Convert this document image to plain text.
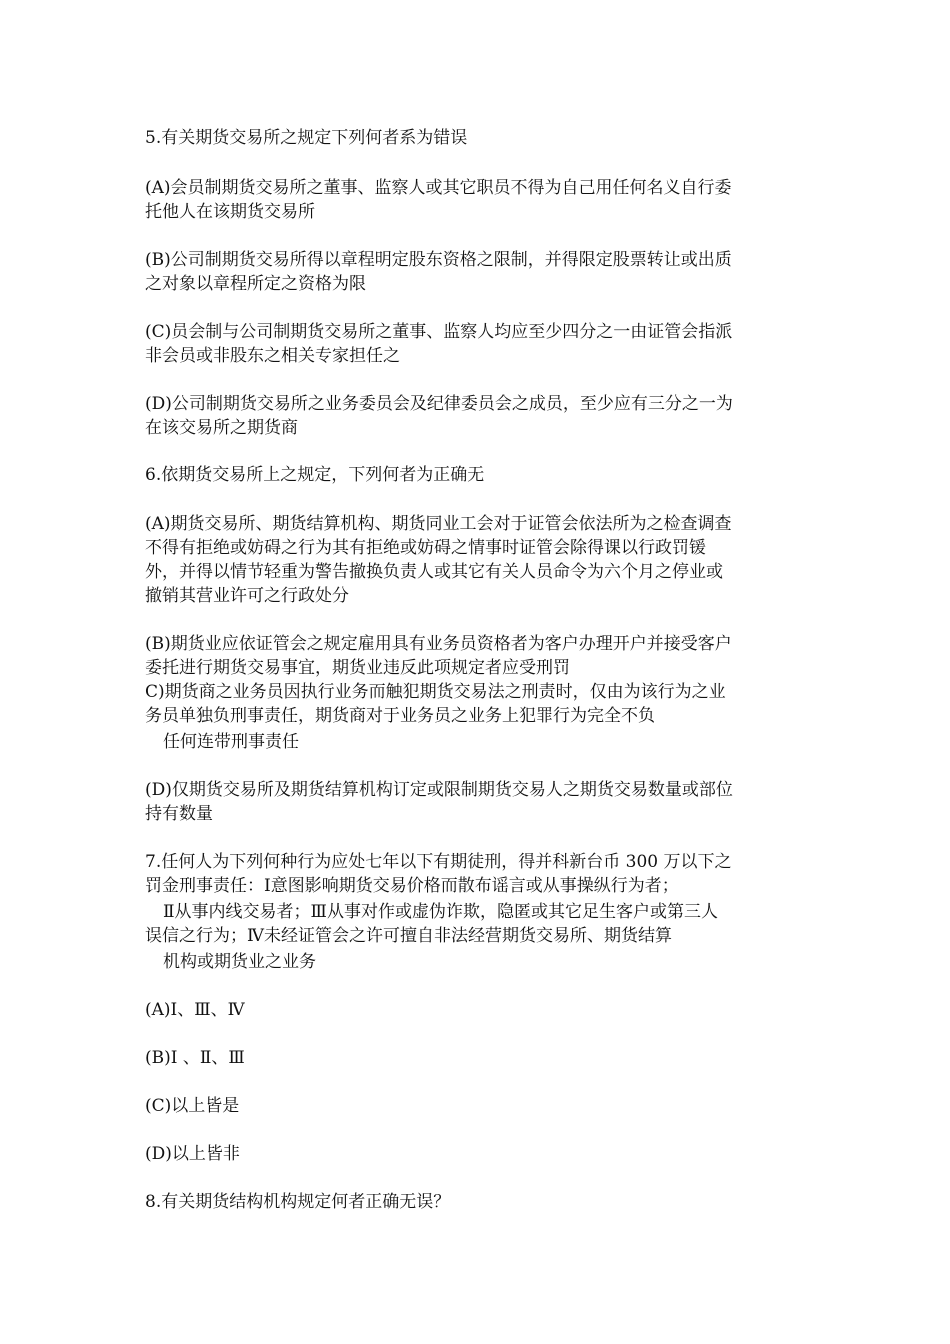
5.有关期货交易所之规定下列何者系为错误
(A)会员制期货交易所之董事、监察人或其它职员不得为自己用任何名义自行委
托他人在该期货交易所
(B)公司制期货交易所得以章程明定股东资格之限制，并得限定股票转让或出质
之对象以章程所定之资格为限
(C)员会制与公司制期货交易所之董事、监察人均应至少四分之一由证管会指派
非会员或非股东之相关专家担任之
(D)公司制期货交易所之业务委员会及纪律委员会之成员，至少应有三分之一为
在该交易所之期货商
6.依期货交易所上之规定，下列何者为正确无
(A)期货交易所、期货结算机构、期货同业工会对于证管会依法所为之检查调查
不得有拒绝或妨碍之行为其有拒绝或妨碍之情事时证管会除得课以行政罚锾
外，并得以情节轻重为警告撤换负责人或其它有关人员命令为六个月之停业或
撤销其营业许可之行政处分
(B)期货业应依证管会之规定雇用具有业务员资格者为客户办理开户并接受客户
委托进行期货交易事宜，期货业违反此项规定者应受刑罚
C)期货商之业务员因执行业务而触犯期货交易法之刑责时，仅由为该行为之业
务员单独负刑事责任，期货商对于业务员之业务上犯罪行为完全不负
任何连带刑事责任
(D)仅期货交易所及期货结算机构订定或限制期货交易人之期货交易数量或部位
持有数量
7.任何人为下列何种行为应处七年以下有期徒刑，得并科新台币 300 万以下之
罚金刑事责任：Ⅰ意图影响期货交易价格而散布谣言或从事操纵行为者；
Ⅱ从事内线交易者；Ⅲ从事对作或虚伪诈欺，隐匿或其它足生客户或第三人
误信之行为；Ⅳ未经证管会之许可擅自非法经营期货交易所、期货结算
机构或期货业之业务
(A)Ⅰ、Ⅲ、Ⅳ
(B)Ⅰ 、Ⅱ、Ⅲ
(C)以上皆是
(D)以上皆非
8.有关期货结构机构规定何者正确无误？
